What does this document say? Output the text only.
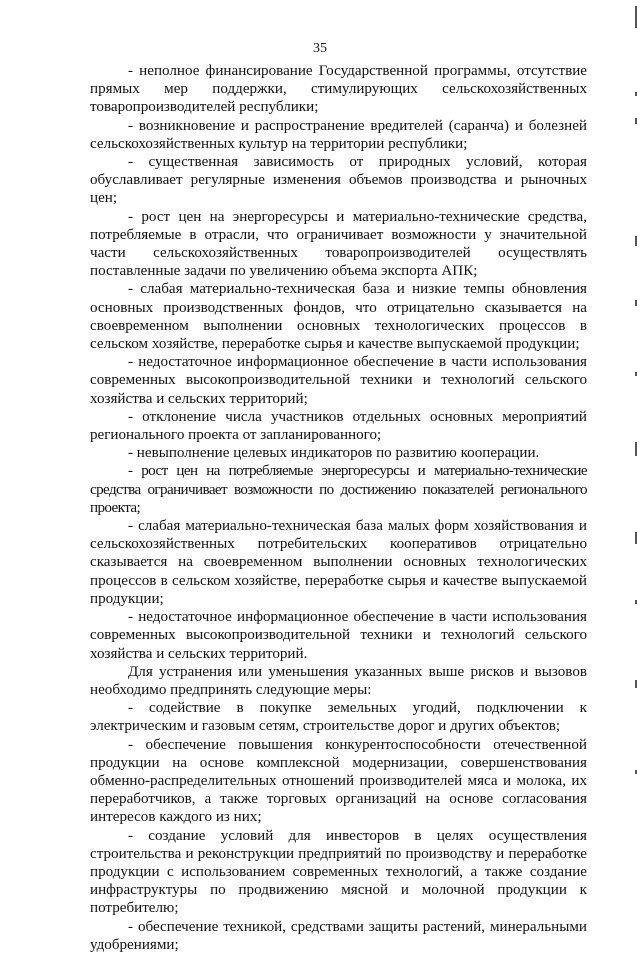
35

- неполное финансирование Государственной программы, отсутствие прямых мер поддержки, стимулирующих сельскохозяйственных товаропроизводителей республики;

- возникновение и распространение вредителей (саранча) и болезней сельскохозяйственных культур на территории республики;

- существенная зависимость от природных условий, которая обуславливает регулярные изменения объемов производства и рыночных цен;

- рост цен на энергоресурсы и материально-технические средства, потребляемые в отрасли, что ограничивает возможности у значительной части сельскохозяйственных товаропроизводителей осуществлять поставленные задачи по увеличению объема экспорта АПК;

- слабая материально-техническая база и низкие темпы обновления основных производственных фондов, что отрицательно сказывается на своевременном выполнении основных технологических процессов в сельском хозяйстве, переработке сырья и качестве выпускаемой продукции;

- недостаточное информационное обеспечение в части использования современных высокопроизводительной техники и технологий сельского хозяйства и сельских территорий;

- отклонение числа участников отдельных основных мероприятий регионального проекта от запланированного;

- невыполнение целевых индикаторов по развитию кооперации.

- рост цен на потребляемые энергоресурсы и материально-технические средства ограничивает возможности по достижению показателей регионального проекта;

- слабая материально-техническая база малых форм хозяйствования и сельскохозяйственных потребительских кооперативов отрицательно сказывается на своевременном выполнении основных технологических процессов в сельском хозяйстве, переработке сырья и качестве выпускаемой продукции;

- недостаточное информационное обеспечение в части использования современных высокопроизводительной техники и технологий сельского хозяйства и сельских территорий.

Для устранения или уменьшения указанных выше рисков и вызовов необходимо предпринять следующие меры:

- содействие в покупке земельных угодий, подключении к электрическим и газовым сетям, строительстве дорог и других объектов;

- обеспечение повышения конкурентоспособности отечественной продукции на основе комплексной модернизации, совершенствования обменно-распределительных отношений производителей мяса и молока, их переработчиков, а также торговых организаций на основе согласования интересов каждого из них;

- создание условий для инвесторов в целях осуществления строительства и реконструкции предприятий по производству и переработке продукции с использованием современных технологий, а также создание инфраструктуры по продвижению мясной и молочной продукции к потребителю;

- обеспечение техникой, средствами защиты растений, минеральными удобрениями;
